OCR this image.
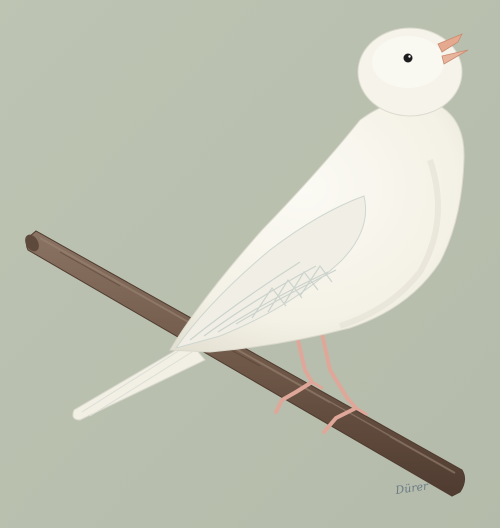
Dürer
